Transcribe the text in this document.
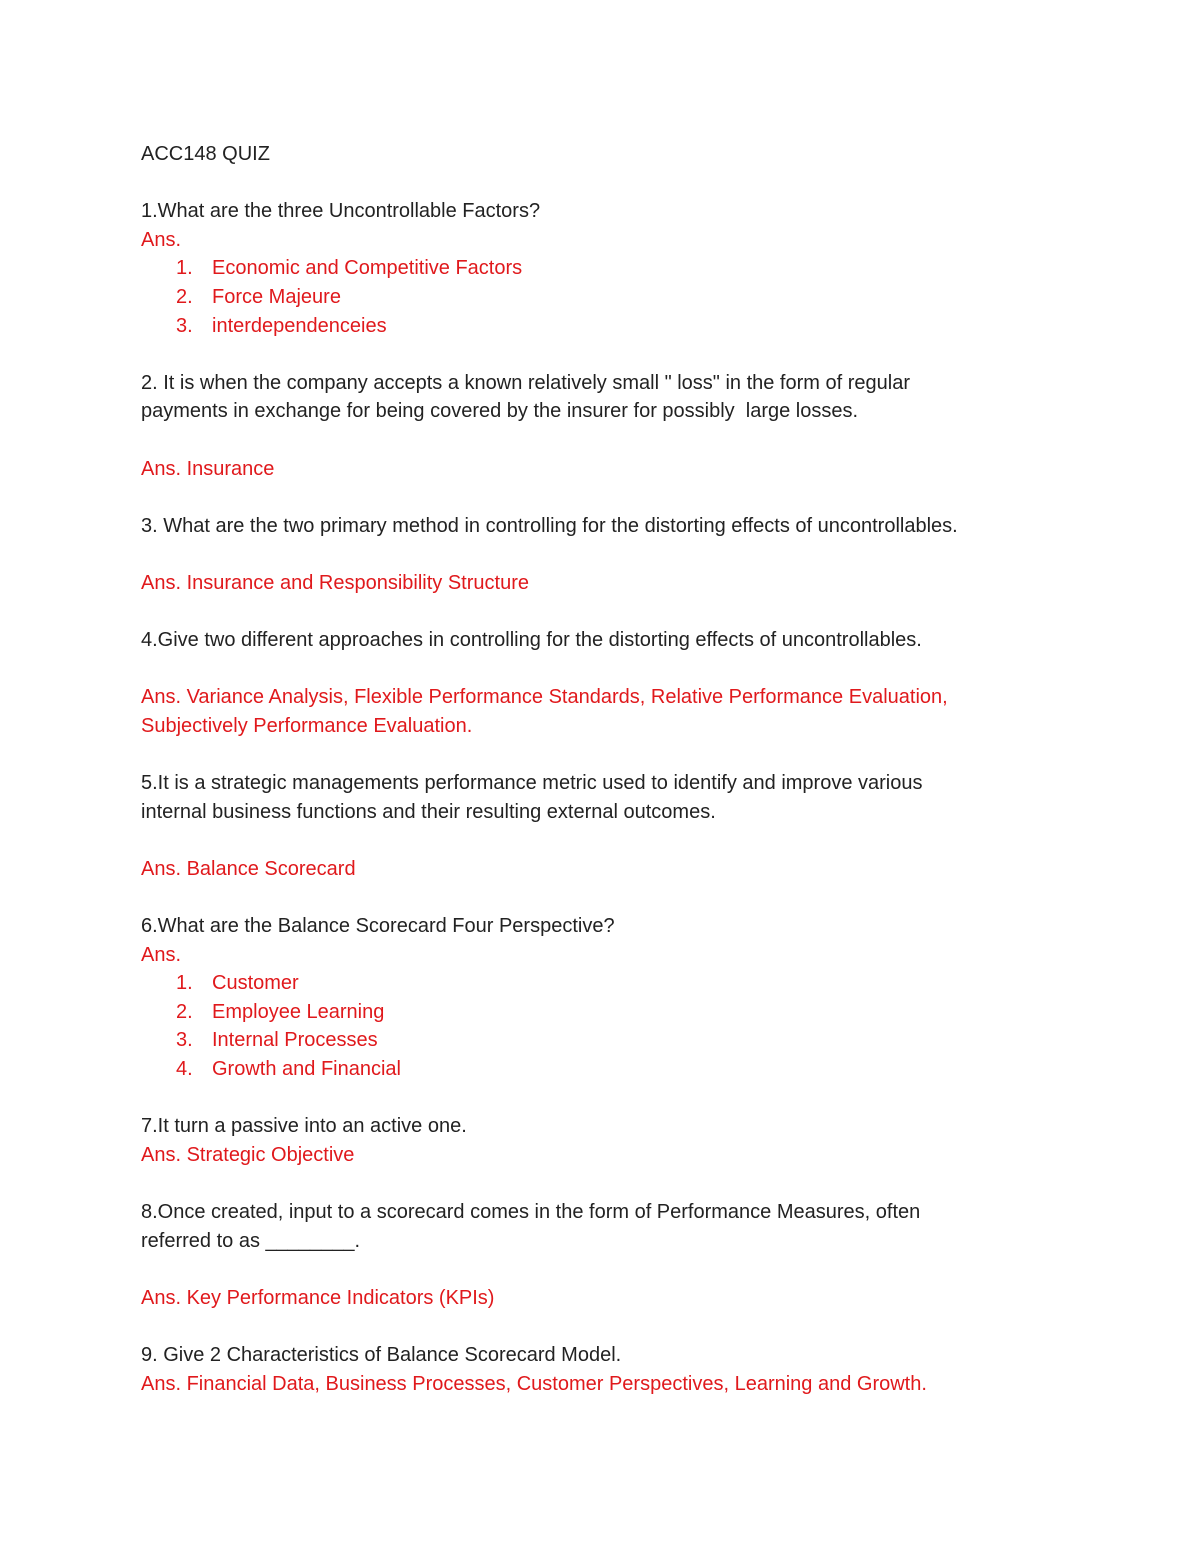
ACC148 QUIZ

1.What are the three Uncontrollable Factors?

Ans.

1. Economic and Competitive Factors
2. Force Majeure
3. interdependenceies

2. It is when the company accepts a known relatively small " loss" in the form of regular

payments in exchange for being covered by the insurer for possibly  large losses.

Ans. Insurance

3. What are the two primary method in controlling for the distorting effects of uncontrollables.

Ans. Insurance and Responsibility Structure

4.Give two different approaches in controlling for the distorting effects of uncontrollables.

Ans. Variance Analysis, Flexible Performance Standards, Relative Performance Evaluation,

Subjectively Performance Evaluation.

5.It is a strategic managements performance metric used to identify and improve various

internal business functions and their resulting external outcomes.

Ans. Balance Scorecard

6.What are the Balance Scorecard Four Perspective?

Ans.

1. Customer
2. Employee Learning
3. Internal Processes
4. Growth and Financial

7.It turn a passive into an active one.

Ans. Strategic Objective

8.Once created, input to a scorecard comes in the form of Performance Measures, often

referred to as ________.

Ans. Key Performance Indicators (KPIs)

9. Give 2 Characteristics of Balance Scorecard Model.

Ans. Financial Data, Business Processes, Customer Perspectives, Learning and Growth.
